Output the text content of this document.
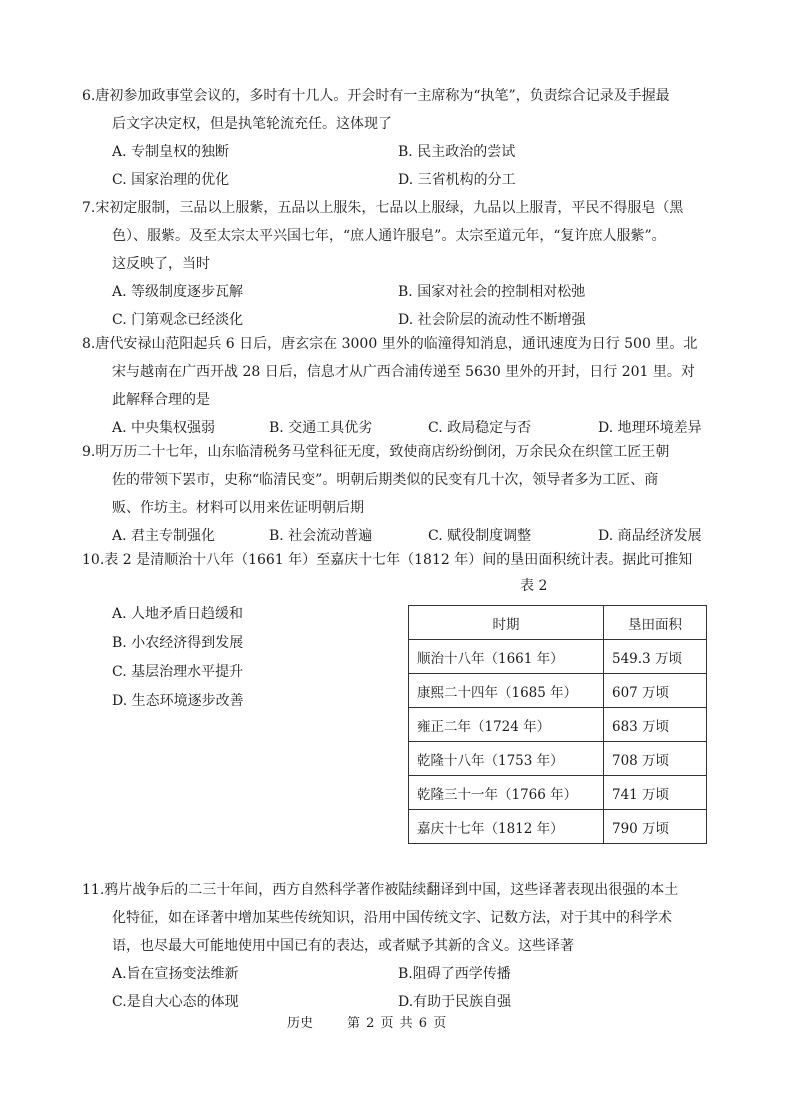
6.唐初参加政事堂会议的，多时有十几人。开会时有一主席称为“执笔”，负责综合记录及手握最
后文字决定权，但是执笔轮流充任。这体现了
A. 专制皇权的独断	B. 民主政治的尝试
C. 国家治理的优化	D. 三省机构的分工
7.宋初定服制，三品以上服紫，五品以上服朱，七品以上服绿，九品以上服青，平民不得服皂（黑
色）、服紫。及至太宗太平兴国七年，“庶人通许服皂”。太宗至道元年，“复许庶人服紫”。
这反映了，当时
A. 等级制度逐步瓦解	B. 国家对社会的控制相对松弛
C. 门第观念已经淡化	D. 社会阶层的流动性不断增强
8.唐代安禄山范阳起兵 6 日后，唐玄宗在 3000 里外的临潼得知消息，通讯速度为日行 500 里。北
宋与越南在广西开战 28 日后，信息才从广西合浦传递至 5630 里外的开封，日行 201 里。对
此解释合理的是
A. 中央集权强弱	B. 交通工具优劣	C. 政局稳定与否	D. 地理环境差异
9.明万历二十七年，山东临清税务马堂科征无度，致使商店纷纷倒闭，万余民众在织筐工匠王朝
佐的带领下罢市，史称“临清民变”。明朝后期类似的民变有几十次，领导者多为工匠、商
贩、作坊主。材料可以用来佐证明朝后期
A. 君主专制强化	B. 社会流动普遍	C. 赋役制度调整	D. 商品经济发展
10.表 2 是清顺治十八年（1661 年）至嘉庆十七年（1812 年）间的垦田面积统计表。据此可推知
A. 人地矛盾日趋缓和
B. 小农经济得到发展
C. 基层治理水平提升
D. 生态环境逐步改善
表 2
时期	垦田面积
顺治十八年（1661 年）	549.3 万顷
康熙二十四年（1685 年）	607 万顷
雍正二年（1724 年）	683 万顷
乾隆十八年（1753 年）	708 万顷
乾隆三十一年（1766 年）	741 万顷
嘉庆十七年（1812 年）	790 万顷
11.鸦片战争后的二三十年间，西方自然科学著作被陆续翻译到中国，这些译著表现出很强的本土
化特征，如在译著中增加某些传统知识，沿用中国传统文字、记数方法，对于其中的科学术
语，也尽最大可能地使用中国已有的表达，或者赋予其新的含义。这些译著
A.旨在宣扬变法维新	B.阻碍了西学传播
C.是自大心态的体现	D.有助于民族自强
历史	第 2 页 共 6 页
